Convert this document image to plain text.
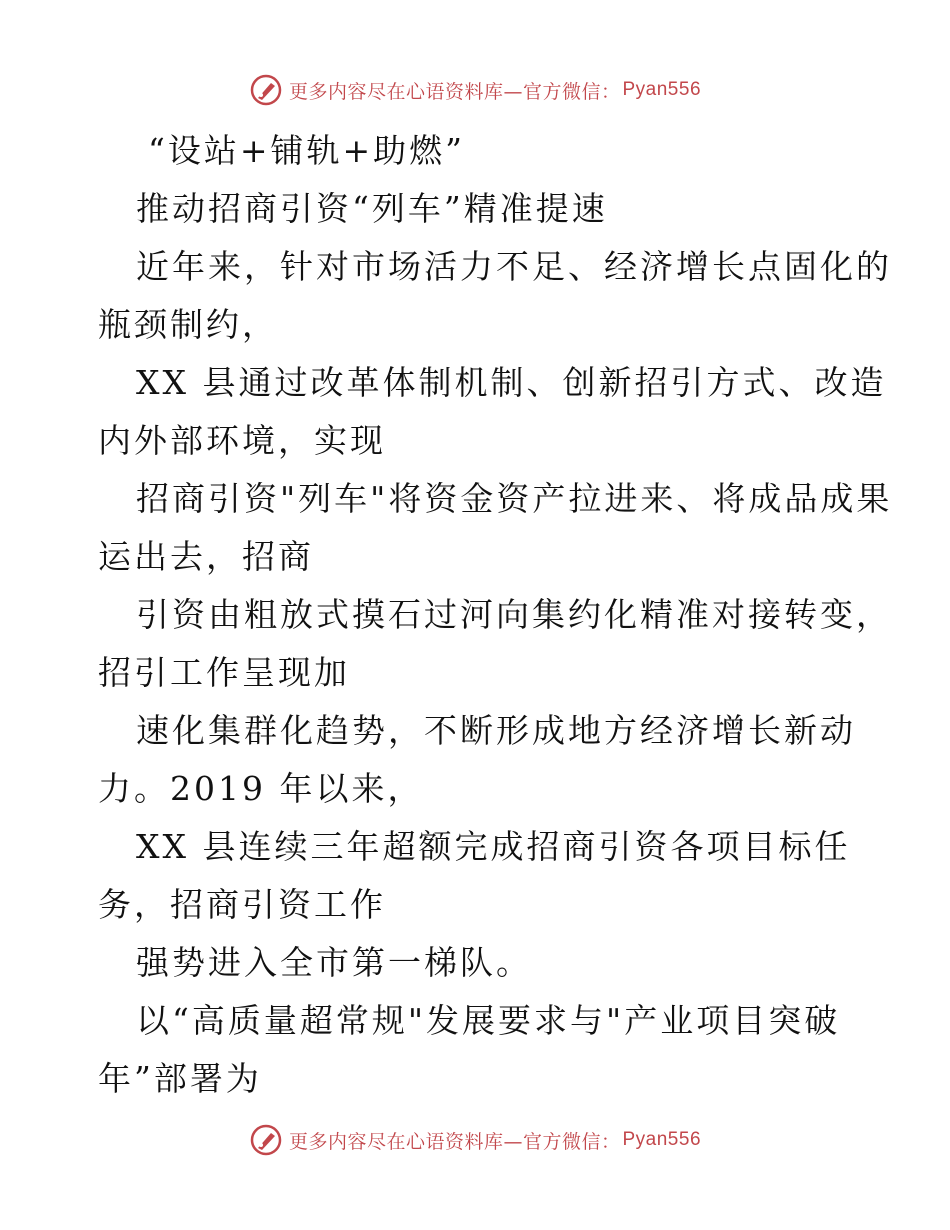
更多内容尽在心语资料库—官方微信： Pyan556
“设站+铺轨+助燃”
推动招商引资“列车”精准提速
近年来，针对市场活力不足、经济增长点固化的
瓶颈制约，
XX 县通过改革体制机制、创新招引方式、改造
内外部环境，实现
招商引资"列车"将资金资产拉进来、将成品成果
运出去，招商
引资由粗放式摸石过河向集约化精准对接转变，
招引工作呈现加
速化集群化趋势，不断形成地方经济增长新动
力。2019 年以来，
XX 县连续三年超额完成招商引资各项目标任
务，招商引资工作
强势进入全市第一梯队。
以“高质量超常规"发展要求与"产业项目突破
年”部署为
更多内容尽在心语资料库—官方微信： Pyan556
